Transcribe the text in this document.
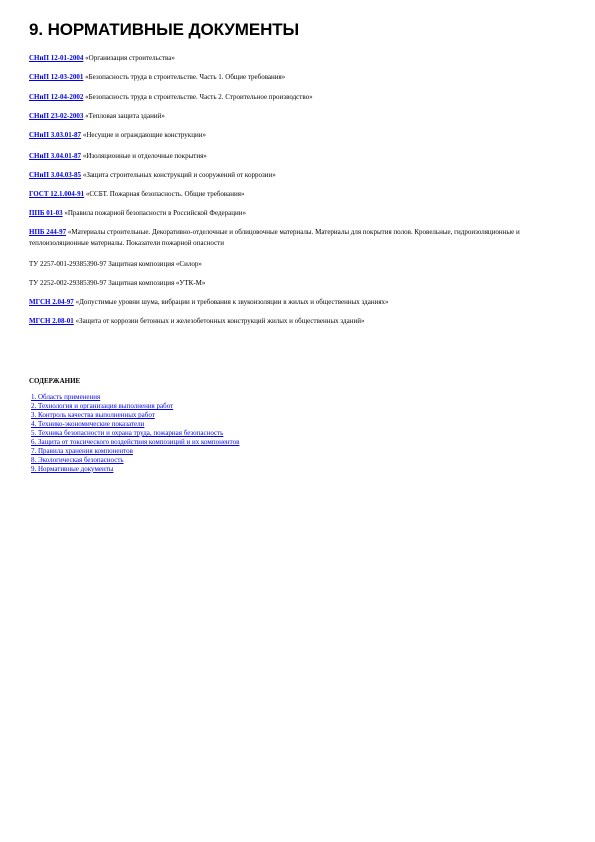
9. НОРМАТИВНЫЕ ДОКУМЕНТЫ
СНиП 12-01-2004 «Организация строительства»
СНиП 12-03-2001 «Безопасность труда в строительстве. Часть 1. Общие требования»
СНиП 12-04-2002 «Безопасность труда в строительстве. Часть 2. Строительное производство»
СНиП 23-02-2003 «Тепловая защита зданий»
СНиП 3.03.01-87 «Несущие и ограждающие конструкции»
СНиП 3.04.01-87 «Изоляционные и отделочные покрытия»
СНиП 3.04.03-85 «Защита строительных конструкций и сооружений от коррозии»
ГОСТ 12.1.004-91 «ССБТ. Пожарная безопасность. Общие требования»
ППБ 01-03 «Правила пожарной безопасности в Российской Федерации»
НПБ 244-97 «Материалы строительные. Декоративно-отделочные и облицовочные материалы. Материалы для покрытия полов. Кровельные, гидроизоляционные и теплоизоляционные материалы. Показатели пожарной опасности
ТУ 2257-001-29385390-97 Защитная композиция «Силор»
ТУ 2252-002-29385390-97 Защитная композиция «УТК-М»
МГСН 2.04-97 «Допустимые уровни шума, вибрации и требования к звукоизоляции в жилых и общественных зданиях»
МГСН 2.08-01 «Защита от коррозии бетонных и железобетонных конструкций жилых и общественных зданий»
СОДЕРЖАНИЕ
1. Область применения
2. Технология и организация выполнения работ
3. Контроль качества выполненных работ
4. Технико-экономические показатели
5. Техника безопасности и охрана труда, пожарная безопасность
6. Защита от токсического воздействия композиций и их компонентов
7. Правила хранения компонентов
8. Экологическая безопасность
9. Нормативные документы
